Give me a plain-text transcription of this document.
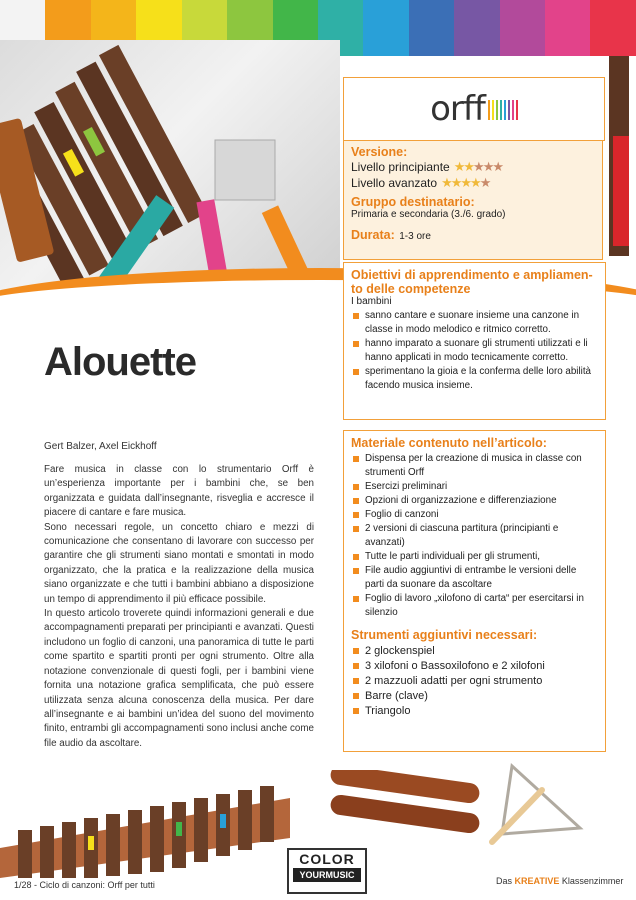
orff
Versione:
Livello principiante ★★★★★
Livello avanzato ★★★★★
Gruppo destinatario:
Primaria e secondaria (3./6. grado)
Durata: 1-3 ore
Obiettivi di apprendimento e ampliamen-
to delle competenze
I bambini
sanno cantare e suonare insieme una canzone in classe in modo melodico e ritmico corretto.
hanno imparato a suonare gli strumenti utilizzati e li hanno applicati in modo tecnicamente corretto.
sperimentano la gioia e la conferma delle loro abilità facendo musica insieme.
Materiale contenuto nell’articolo:
Dispensa per la creazione di musica in classe con strumenti Orff
Esercizi preliminari
Opzioni di organizzazione e differenziazione
Foglio di canzoni
2 versioni di ciascuna partitura (principianti e avanzati)
Tutte le parti individuali per gli strumenti,
File audio aggiuntivi di entrambe le versioni delle parti da suonare da ascoltare
Foglio di lavoro „xilofono di carta“ per esercitarsi in silenzio
Strumenti aggiuntivi necessari:
2 glockenspiel
3 xilofoni o Bassoxilofono e 2 xilofoni
2 mazzuoli adatti per ogni strumento
Barre (clave)
Triangolo
Alouette
Gert Balzer, Axel Eickhoff

Fare musica in classe con lo strumentario Orff è un’esperienza importante per i bambini che, se ben organizzata e guidata dall’insegnante, risveglia e accresce il piacere di cantare e fare musica.

Sono necessari regole, un concetto chiaro e mezzi di comunicazione che consentano di lavorare con successo per garantire che gli strumenti siano montati e smontati in modo organizzato, che la pratica e la realizzazione della musica siano organizzate e che tutti i bambini abbiano a disposizione un tempo di apprendimento il più efficace possibile.

In questo articolo troverete quindi informazioni generali e due accompagnamenti preparati per principianti e avanzati. Questi includono un foglio di canzoni, una panoramica di tutte le parti come spartito e spartiti pronti per ogni strumento. Oltre alla notazione convenzionale di questi fogli, per i bambini viene fornita una notazione grafica semplificata, che può essere utilizzata senza alcuna conoscenza della musica. Per dare all’insegnante e ai bambini un’idea del suono del movimento finito, entrambi gli accompagnamenti sono inclusi anche come file audio da ascoltare.

1/28 - Ciclo di canzoni: Orff per tutti
COLOR
YOURMUSIC
Das KREATIVE Klassenzimmer
